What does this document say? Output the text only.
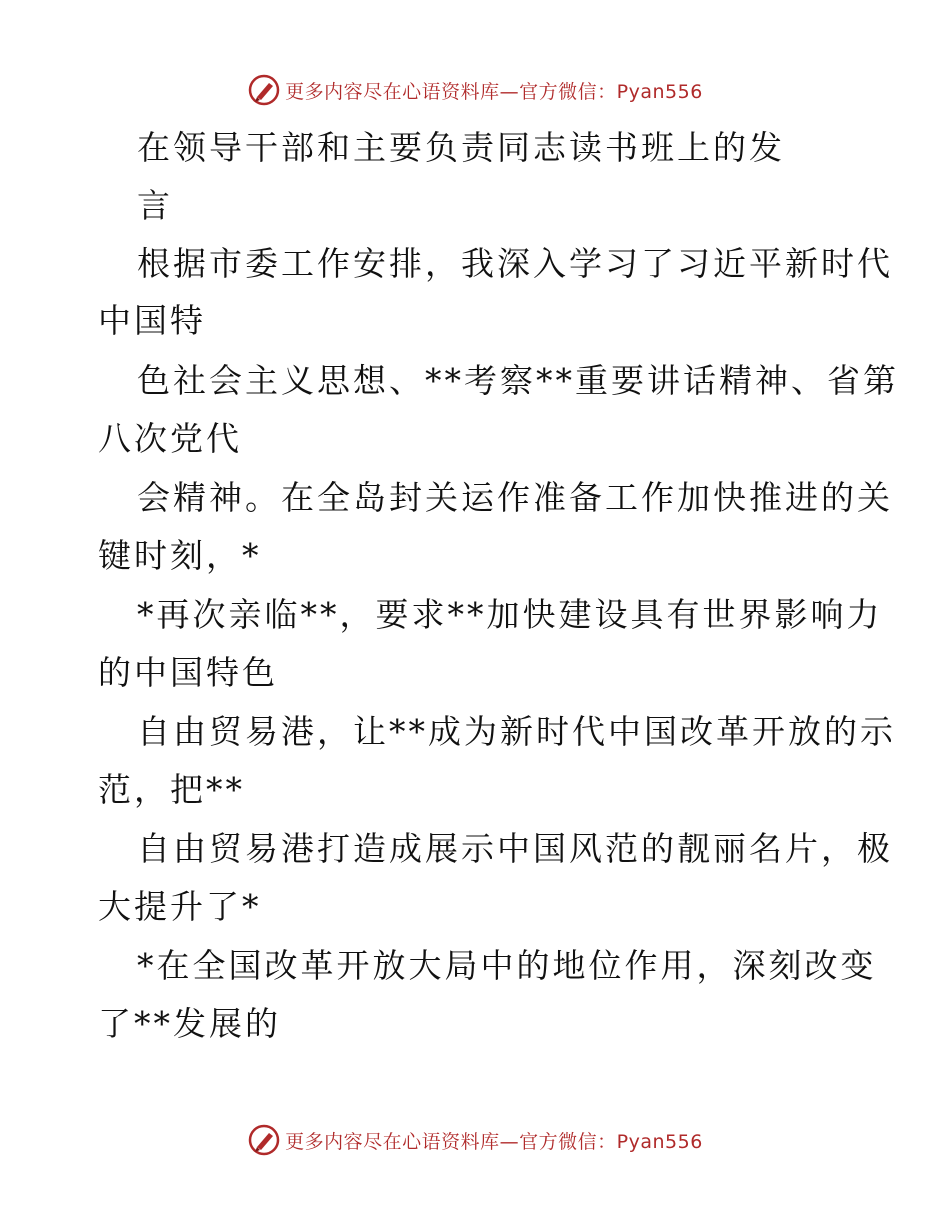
更多内容尽在心语资料库—官方微信：Pyan556
在领导干部和主要负责同志读书班上的发
言
根据市委工作安排，我深入学习了习近平新时代
中国特
色社会主义思想、**考察**重要讲话精神、省第
八次党代
会精神。在全岛封关运作准备工作加快推进的关
键时刻，*
*再次亲临**，要求**加快建设具有世界影响力
的中国特色
自由贸易港，让**成为新时代中国改革开放的示
范，把**
自由贸易港打造成展示中国风范的靓丽名片，极
大提升了*
*在全国改革开放大局中的地位作用，深刻改变
了**发展的
更多内容尽在心语资料库—官方微信：Pyan556
